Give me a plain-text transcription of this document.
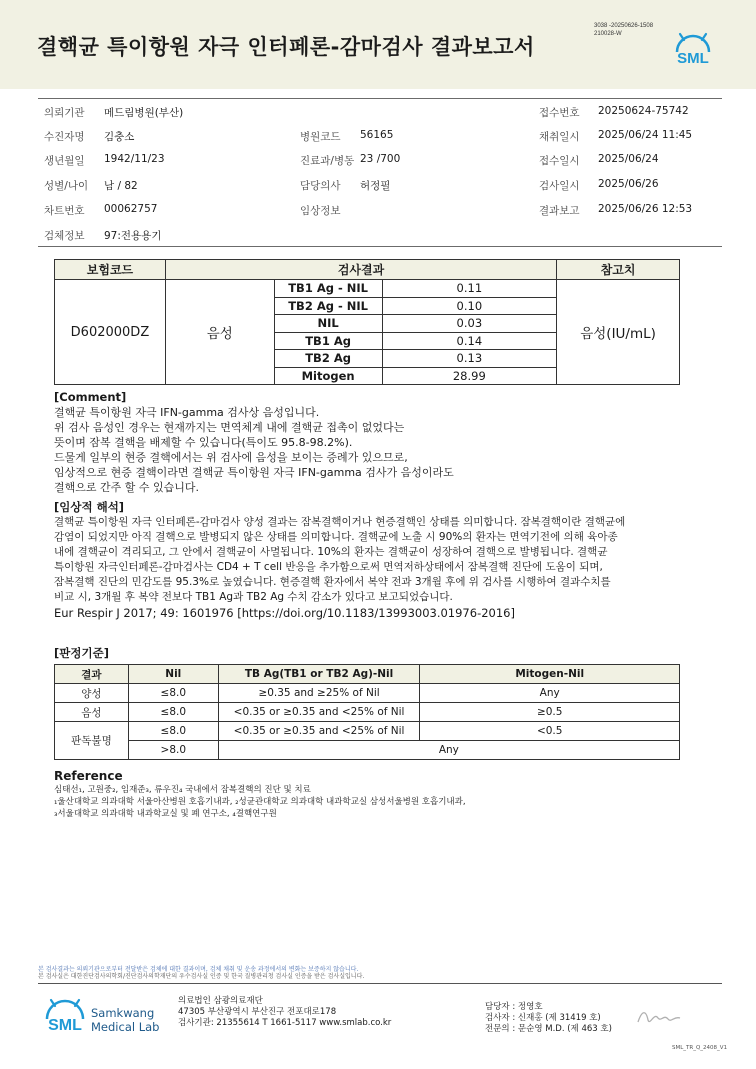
결핵균 특이항원 자극 인터페론-감마검사 결과보고서
3038 -20250626-1508
210028-W
SML
의뢰기관 메드림병원(부산)	접수번호 20250624-75742
수진자명 김충소	병원코드 56165	채취일시 2025/06/24 11:45
생년월일 1942/11/23	진료과/병동 23 /700	접수일시 2025/06/24
성별/나이 남 / 82	담당의사 허정필	검사일시 2025/06/26
차트번호 00062757	임상정보	결과보고 2025/06/26 12:53
검체정보 97:전용용기
보험코드	검사결과			참고치
D602000DZ	음성	TB1 Ag - NIL	0.11	음성(IU/mL)
		TB2 Ag - NIL	0.10	
		NIL	0.03	
		TB1 Ag	0.14	
		TB2 Ag	0.13	
		Mitogen	28.99	
[Comment]
결핵균 특이항원 자극 IFN-gamma 검사상 음성입니다.
위 검사 음성인 경우는 현재까지는 면역체계 내에 결핵균 접촉이 없었다는
뜻이며 잠복 결핵을 배제할 수 있습니다(특이도 95.8-98.2%).
드물게 일부의 현증 결핵에서는 위 검사에 음성을 보이는 증례가 있으므로,
임상적으로 현증 결핵이라면 결핵균 특이항원 자극 IFN-gamma 검사가 음성이라도
결핵으로 간주 할 수 있습니다.
[임상적 해석]
결핵균 특이항원 자극 인터페론-감마검사 양성 결과는 잠복결핵이거나 현증결핵인 상태를 의미합니다. 잠복결핵이란 결핵균에
감염이 되었지만 아직 결핵으로 발병되지 않은 상태를 의미합니다. 결핵균에 노출 시 90%의 환자는 면역기전에 의해 육아종
내에 결핵균이 격리되고, 그 안에서 결핵균이 사멸됩니다. 10%의 환자는 결핵균이 성장하여 결핵으로 발병됩니다. 결핵균
특이항원 자극인터페론-감마검사는 CD4 + T cell 반응을 추가함으로써 면역저하상태에서 잠복결핵 진단에 도움이 되며,
잠복결핵 진단의 민감도를 95.3%로 높였습니다. 현증결핵 환자에서 복약 전과 3개월 후에 위 검사를 시행하여 결과수치를
비교 시, 3개월 후 복약 전보다 TB1 Ag과 TB2 Ag 수치 감소가 있다고 보고되었습니다.
Eur Respir J 2017; 49: 1601976 [https://doi.org/10.1183/13993003.01976-2016]
[판정기준]
결과	Nil	TB Ag(TB1 or TB2 Ag)-Nil	Mitogen-Nil
양성	≤8.0	≥0.35 and ≥25% of Nil	Any
음성	≤8.0	<0.35 or ≥0.35 and <25% of Nil	≥0.5
판독불명	≤8.0	<0.35 or ≥0.35 and <25% of Nil	<0.5
	>8.0	Any	
Reference
심태선₁, 고원중₂, 임재준₃, 류우진₄ 국내에서 잠복결핵의 진단 및 치료
₁울산대학교 의과대학 서울아산병원 호흡기내과, ₂성균관대학교 의과대학 내과학교실 삼성서울병원 호흡기내과,
₃서울대학교 의과대학 내과학교실 및 폐 연구소, ₄결핵연구원
본 검사결과는 의뢰기관으로부터 전달받은 검체에 대한 결과이며, 검체 채취 및 운송 과정에서의 변화는 보증하지 않습니다.
본 검사실은 대한진단검사의학회/진단검사의학재단의 우수검사실 인증 및 한국 질병관리청 검사실 인증을 받은 검사실입니다.
SML
Samkwang
Medical Lab
의료법인 삼광의료재단
47305 부산광역시 부산진구 전포대로178
검사기관: 21355614 T 1661-5117 www.smlab.co.kr
담당자 : 정영호
검사자 : 신재홍 (제 31419 호)
전문의 : 문순영 M.D. (제 463 호)
SML_TR_Q_2408_V1
